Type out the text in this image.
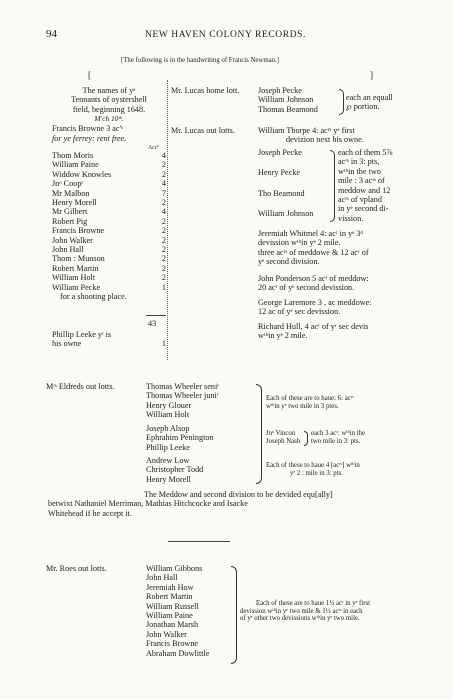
94	NEW HAVEN COLONY RECORDS.
[The following is in the handwriting of Francis Newman.]
[	]
The names of yᵉ
Tennants of oystershell
field, beginning 1648.
M'ch 10ᵗʰ.
Francis Browne 3 ac'ˢ
for ye ferrey: rent free.
Acr'ˢ
Thom Moris	4
William Paine	2
Widdow Knowles	2
Jnᵒ Coopʳ	4
Mr Malbon	7
Henry Morell	2
Mr Gilbert	4
Robert Pig	2
Francis Browne	2
John Walker	2
John Hall	2
Thom : Munson	2
Robert Martin	2
William Holt	2
William Pecke	1
for a shooting place.
43
Phillip Leeke yᵗ is
his owne	1
Mr. Lucas home lott. Joseph Pecke
William Johnson
Thomas Beamond
each an equall
℘ portion.
Mr. Lucas out lotts.	William Thorpe 4: acʳˢ yᵉ first
devizion next his owne.
Joseph Pecke
Henry Pecke
Tho Beamond
William Johnson
each of them 5⅞
acʳˢ in 3: pts,
wᵗʰin the two
mile : 3 acʳˢ of
meddow and 12
acʳˢ of vpland
in yᵉ second di-
vission.
Jeremiah Whitmel 4: acʳ in yᵉ 3ᵈ
devission wᵗʰin yᵉ 2 mile.
three acʳˢ of meddowe & 12 acʳ of
yᵉ second division.
John Ponderson 5 acʳ of meddow:
20 acʳ of yᵉ second devission.
George Laremore 3 , ac meddowe:
12 ac of yᵉ sec devission.
Richard Hull, 4 acʳ of yʳ sec devis
wᵗʰin yᵉ 2 mile.
Mʳˢ Eldreds out lotts.	Thomas Wheeler seniʳ
Thomas Wheeler juniʳ
Henry Glouer
William Holt
Joseph Alsop
Ephrahim Penington
Phillip Leeke
Andrew Low
Christopher Todd
Henry Morell
Each of these are to haue: 6: acʳˢ
wᵗʰin yᵉ two mile in 3 ptes.
Jnᵒ Vincon
Joseph Nash
each 3 acʳ: wᵗʰin the
two mile in 3: pts.
Each of these to haue 4 [acʳˢ] wᵗʰin
yᵉ 2 : mile in 3: pts.
The Meddow and second division to be devided equ[ally]
betwixt Nathaniel Merriman, Mathias Hitchcocke and Isacke
Whitehead if he accept it.
Mr. Roes out lotts.	William Gibbons
John Hall
Jeremiah How
Robert Martin
William Russell
William Paine
Jonathan Marsh
John Walker
Francis Browne
Abraham Dowlittle
Each of these are to haue 1½ acʳ in yᵉ first
devission wᵗʰin yᵉ two mile & 1½ acʳˢ in each
of yᵉ other two devissions wᵗʰin yᵉ two mile.
